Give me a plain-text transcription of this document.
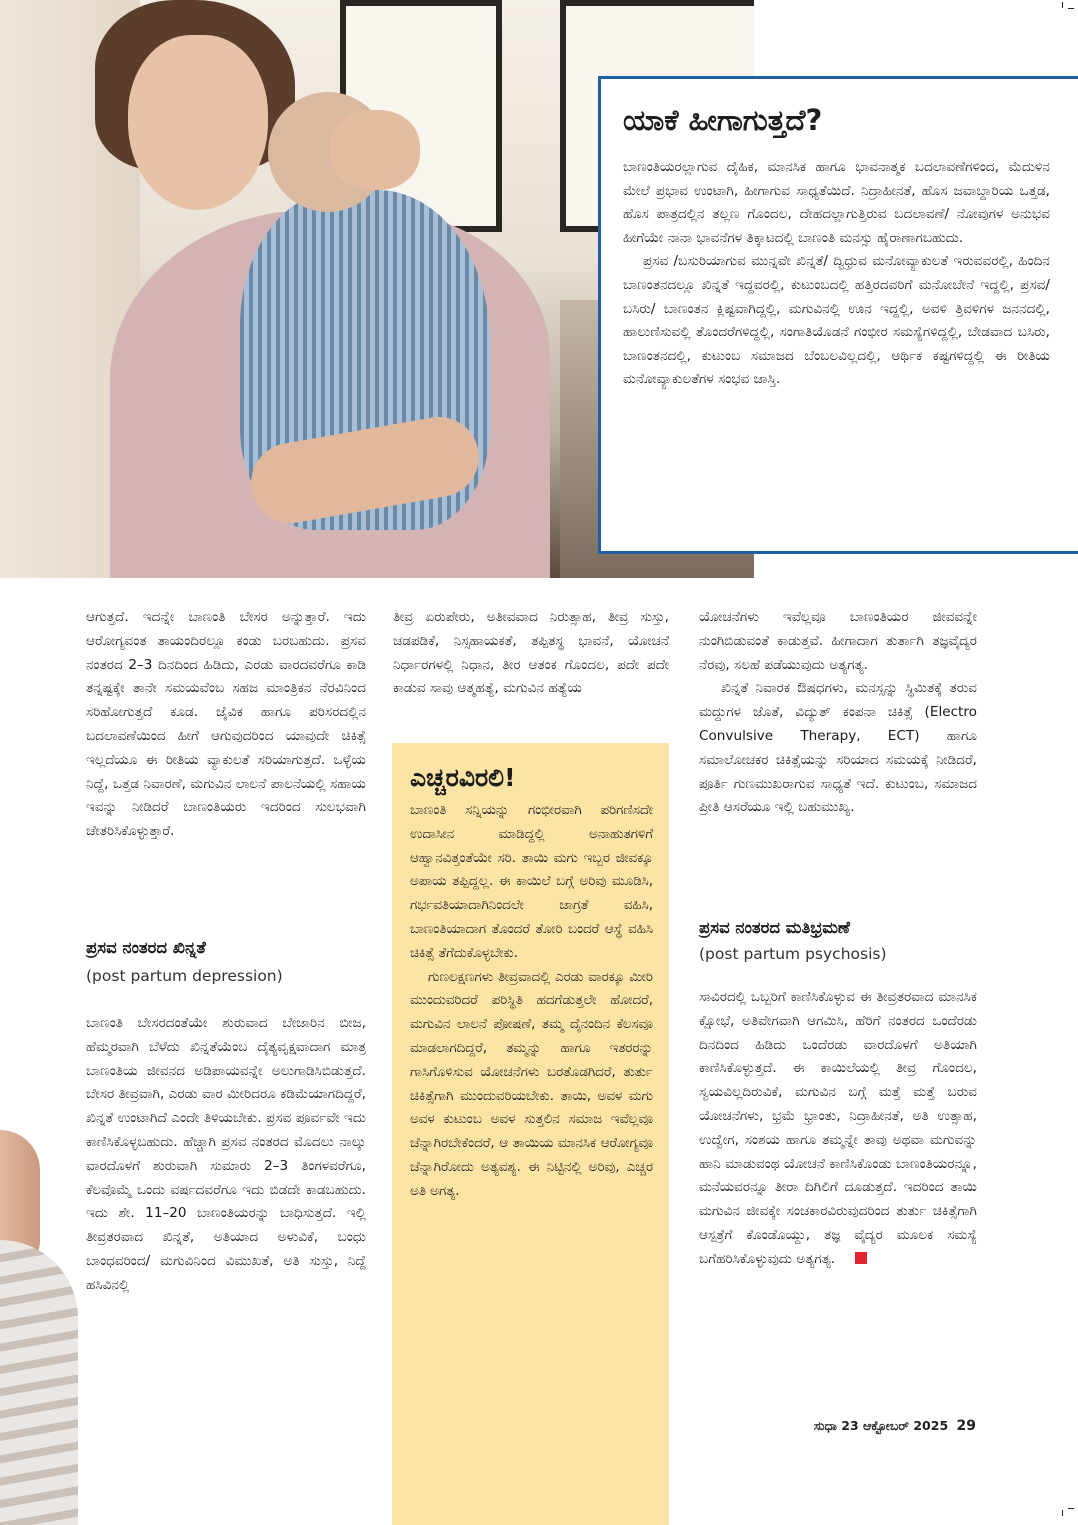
ಯಾಕೆ ಹೀಗಾಗುತ್ತದೆ?

ಬಾಣಂತಿಯರಲ್ಲಾಗುವ ದೈಹಿಕ, ಮಾನಸಿಕ ಹಾಗೂ ಭಾವನಾತ್ಮಕ ಬದಲಾವಣೆಗಳಿಂದ, ಮೆದುಳಿನ ಮೇಲೆ ಪ್ರಭಾವ ಉಂಟಾಗಿ, ಹೀಗಾಗುವ ಸಾಧ್ಯತೆಯಿದೆ. ನಿದ್ರಾಹೀನತೆ, ಹೊಸ ಜವಾಬ್ದಾರಿಯ ಒತ್ತಡ, ಹೊಸ ಪಾತ್ರದಲ್ಲಿನ ತಲ್ಲಣ ಗೊಂದಲ, ದೇಹದಲ್ಲಾಗುತ್ತಿರುವ ಬದಲಾವಣೆ/ ನೋವುಗಳ ಅನುಭವ ಹೀಗೆಯೇ ನಾನಾ ಭಾವನೆಗಳ ತಿಕ್ಕಾಟದಲ್ಲಿ ಬಾಣಂತಿ ಮನಸ್ಸು ಹೈರಾಣಾಗಬಹುದು.

ಪ್ರಸವ /ಬಸುರಿಯಾಗುವ ಮುನ್ನವೇ ಖಿನ್ನತೆ/ ದ್ವಿಧ್ರುವ ಮನೋವ್ಯಾಕುಲತೆ ಇರುವವರಲ್ಲಿ, ಹಿಂದಿನ ಬಾಣಂತನದಲ್ಲೂ ಖಿನ್ನತೆ ಇದ್ದವರಲ್ಲಿ, ಕುಟುಂಬದಲ್ಲಿ ಹತ್ತಿರದವರಿಗೆ ಮನೋಬೇನೆ ಇದ್ದಲ್ಲಿ, ಪ್ರಸವ/ ಬಸಿರು/ ಬಾಣಂತನ ಕ್ಲಿಷ್ಟವಾಗಿದ್ದಲ್ಲಿ, ಮಗುವಿನಲ್ಲಿ ಊನ ಇದ್ದಲ್ಲಿ, ಅವಳಿ ತ್ರಿವಳಿಗಳ ಜನನದಲ್ಲಿ, ಹಾಲುಣಿಸುವಲ್ಲಿ ತೊಂದರೆಗಳಿದ್ದಲ್ಲಿ, ಸಂಗಾತಿಯೊಡನೆ ಗಂಭೀರ ಸಮಸ್ಯೆಗಳಿದ್ದಲ್ಲಿ, ಬೇಡವಾದ ಬಸಿರು, ಬಾಣಂತನದಲ್ಲಿ, ಕುಟುಂಬ ಸಮಾಜದ ಬೆಂಬಲವಿಲ್ಲದಲ್ಲಿ, ಆರ್ಥಿಕ ಕಷ್ಟಗಳಿದ್ದಲ್ಲಿ ಈ ರೀತಿಯ ಮನೋವ್ಯಾಕುಲತೆಗಳ ಸಂಭವ ಜಾಸ್ತಿ.

ಆಗುತ್ತದೆ. ಇದನ್ನೇ ಬಾಣಂತಿ ಬೇಸರ ಅನ್ನುತ್ತಾರೆ. ಇದು ಆರೋಗ್ಯವಂತ ತಾಯಂದಿರಲ್ಲೂ ಕಂಡು ಬರಬಹುದು. ಪ್ರಸವ ನಂತರದ 2–3 ದಿನದಿಂದ ಹಿಡಿದು, ಎರಡು ವಾರದವರೆಗೂ ಕಾಡಿ ತನ್ನಷ್ಟಕ್ಕೇ ತಾನೇ ಸಮಯವೆಂಬ ಸಹಜ ಮಾಂತ್ರಿಕನ ನೆರವಿನಿಂದ ಸರಿಹೋಗುತ್ತದೆ ಕೂಡ. ಜೈವಿಕ ಹಾಗೂ ಪರಿಸರದಲ್ಲಿನ ಬದಲಾವಣೆಯಿಂದ ಹೀಗೆ ಆಗುವುದರಿಂದ ಯಾವುದೇ ಚಿಕಿತ್ಸೆ ಇಲ್ಲದೆಯೂ ಈ ರೀತಿಯ ವ್ಯಾಕುಲತೆ ಸರಿಯಾಗುತ್ತದೆ. ಒಳ್ಳೆಯ ನಿದ್ದೆ, ಒತ್ತಡ ನಿವಾರಣೆ, ಮಗುವಿನ ಲಾಲನೆ ಪಾಲನೆಯಲ್ಲಿ ಸಹಾಯ ಇವನ್ನು ನೀಡಿದರೆ ಬಾಣಂತಿಯರು ಇದರಿಂದ ಸುಲಭವಾಗಿ ಚೇತರಿಸಿಕೊಳ್ಳುತ್ತಾರೆ.

ಪ್ರಸವ ನಂತರದ ಖಿನ್ನತೆ
(post partum depression)

ಬಾಣಂತಿ ಬೇಸರದಂತೆಯೇ ಶುರುವಾದ ಬೇಜಾರಿನ ಬೀಜ, ಹೆಮ್ಮರವಾಗಿ ಬೆಳೆದು ಖಿನ್ನತೆಯೆಂಬ ದೈತ್ಯವೃಕ್ಷವಾದಾಗ ಮಾತ್ರ ಬಾಣಂತಿಯ ಜೀವನದ ಅಡಿಪಾಯವನ್ನೇ ಅಲುಗಾಡಿಸಿಬಿಡುತ್ತದೆ. ಬೇಸರ ತೀವ್ರವಾಗಿ, ಎರಡು ವಾರ ಮೀರಿದರೂ ಕಡಿಮೆಯಾಗದಿದ್ದರೆ, ಖಿನ್ನತೆ ಉಂಟಾಗಿದೆ ಎಂದೇ ತಿಳಿಯಬೇಕು. ಪ್ರಸವ ಪೂರ್ವವೇ ಇದು ಕಾಣಿಸಿಕೊಳ್ಳಬಹುದು. ಹೆಚ್ಚಾಗಿ ಪ್ರಸವ ನಂತರದ ಮೊದಲು ನಾಲ್ಕು ವಾರದೊಳಗೆ ಶುರುವಾಗಿ ಸುಮಾರು 2–3 ತಿಂಗಳವರೆಗೂ, ಕೆಲವೊಮ್ಮೆ ಒಂದು ವರ್ಷದವರೆಗೂ ಇದು ಬಿಡದೇ ಕಾಡಬಹುದು. ಇದು ಶೇ. 11–20 ಬಾಣಂತಿಯರನ್ನು ಬಾಧಿಸುತ್ತದೆ. ಇಲ್ಲಿ ತೀವ್ರತರವಾದ ಖಿನ್ನತೆ, ಅತಿಯಾದ ಅಳುವಿಕೆ, ಬಂಧು ಬಾಂಧವರಿಂದ/ ಮಗುವಿನಿಂದ ವಿಮುಖತೆ, ಅತಿ ಸುಸ್ತು, ನಿದ್ದೆ ಹಸಿವಿನಲ್ಲಿ

ತೀವ್ರ ಏರುಪೇರು, ಅತೀವವಾದ ನಿರುತ್ಸಾಹ, ತೀವ್ರ ಸುಸ್ತು, ಚಡಪಡಿಕೆ, ನಿಸ್ಸಹಾಯಕತೆ, ತಪ್ಪಿತಸ್ಥ ಭಾವನೆ, ಯೋಚನೆ ನಿರ್ಧಾರಗಳಲ್ಲಿ ನಿಧಾನ, ತೀರ ಆತಂಕ ಗೊಂದಲ, ಪದೇ ಪದೇ ಕಾಡುವ ಸಾವು ಆತ್ಮಹತ್ಯೆ, ಮಗುವಿನ ಹತ್ಯೆಯ

ಎಚ್ಚರವಿರಲಿ!

ಬಾಣಂತಿ ಸನ್ನಿಯನ್ನು ಗಂಭೀರವಾಗಿ ಪರಿಗಣಿಸದೇ ಉದಾಸೀನ ಮಾಡಿದ್ದಲ್ಲಿ ಅನಾಹುತಗಳಿಗೆ ಆಹ್ವಾನವಿತ್ತಂತೆಯೇ ಸರಿ. ತಾಯಿ ಮಗು ಇಬ್ಬರ ಜೀವಕ್ಕೂ ಅಪಾಯ ತಪ್ಪಿದ್ದಲ್ಲ. ಈ ಕಾಯಿಲೆ ಬಗ್ಗೆ ಅರಿವು ಮೂಡಿಸಿ, ಗರ್ಭವತಿಯಾದಾಗಿನಿಂದಲೇ ಜಾಗ್ರತೆ ವಹಿಸಿ, ಬಾಣಂತಿಯಾದಾಗ ತೊಂದರೆ ತೋರಿ ಬಂದರೆ ಆಸ್ಥೆ ವಹಿಸಿ ಚಿಕಿತ್ಸೆ ತೆಗೆದುಕೊಳ್ಳಬೇಕು.

ಗುಣಲಕ್ಷಣಗಳು ತೀವ್ರವಾದಲ್ಲಿ ಎರಡು ವಾರಕ್ಕೂ ಮೀರಿ ಮುಂದುವರಿದರೆ ಪರಿಸ್ಥಿತಿ ಹದಗೆಡುತ್ತಲೇ ಹೋದರೆ, ಮಗುವಿನ ಲಾಲನೆ ಪೋಷಣೆ, ತಮ್ಮ ದೈನಂದಿನ ಕೆಲಸವೂ ಮಾಡಲಾಗದಿದ್ದರೆ, ತಮ್ಮನ್ನು ಹಾಗೂ ಇತರರನ್ನು ಗಾಸಿಗೊಳಿಸುವ ಯೋಚನೆಗಳು ಬರತೊಡಗಿದರೆ, ತುರ್ತು ಚಿಕಿತ್ಸೆಗಾಗಿ ಮುಂದುವರಿಯಬೇಕು. ತಾಯಿ, ಅವಳ ಮಗು ಅವಳ ಕುಟುಂಬ ಅವಳ ಸುತ್ತಲಿನ ಸಮಾಜ ಇವೆಲ್ಲವೂ ಚೆನ್ನಾಗಿರಬೇಕೆಂದರೆ, ಆ ತಾಯಿಯ ಮಾನಸಿಕ ಆರೋಗ್ಯವೂ ಚೆನ್ನಾಗಿರೋದು ಅತ್ಯವಶ್ಯ. ಈ ನಿಟ್ಟಿನಲ್ಲಿ ಅರಿವು, ಎಚ್ಚರ ಅತಿ ಅಗತ್ಯ.

ಯೋಚನೆಗಳು ಇವೆಲ್ಲವೂ ಬಾಣಂತಿಯರ ಜೀವವನ್ನೇ ನುಂಗಿಬಿಡುವಂತೆ ಕಾಡುತ್ತವೆ. ಹೀಗಾದಾಗ ತುರ್ತಾಗಿ ತಜ್ಞವೈದ್ಯರ ನೆರವು, ಸಲಹೆ ಪಡೆಯುವುದು ಅತ್ಯಗತ್ಯ.

ಖಿನ್ನತೆ ನಿವಾರಕ ಔಷಧಗಳು, ಮನಸ್ಸನ್ನು ಸ್ಥಿಮಿತಕ್ಕೆ ತರುವ ಮದ್ದುಗಳ ಜೊತೆ, ವಿದ್ಯುತ್ ಕಂಪನಾ ಚಿಕಿತ್ಸೆ (Electro Convulsive Therapy, ECT) ಹಾಗೂ ಸಮಾಲೋಚಕರ ಚಿಕಿತ್ಸೆಯನ್ನು ಸರಿಯಾದ ಸಮಯಕ್ಕೆ ನೀಡಿದರೆ, ಪೂರ್ತಿ ಗುಣಮುಖರಾಗುವ ಸಾಧ್ಯತೆ ಇದೆ. ಕುಟುಂಬ, ಸಮಾಜದ ಪ್ರೀತಿ ಆಸರೆಯೂ ಇಲ್ಲಿ ಬಹುಮುಖ್ಯ.

ಪ್ರಸವ ನಂತರದ ಮತಿಭ್ರಮಣೆ
(post partum psychosis)

ಸಾವಿರದಲ್ಲಿ ಒಬ್ಬರಿಗೆ ಕಾಣಿಸಿಕೊಳ್ಳುವ ಈ ತೀವ್ರತರವಾದ ಮಾನಸಿಕ ಕ್ಷೋಭೆ, ಅತಿವೇಗವಾಗಿ ಆಗಮಿಸಿ, ಹೆರಿಗೆ ನಂತರದ ಒಂದೆರಡು ದಿನದಿಂದ ಹಿಡಿದು ಒಂದೆರಡು ವಾರದೊಳಗೆ ಅತಿಯಾಗಿ ಕಾಣಿಸಿಕೊಳ್ಳುತ್ತದೆ. ಈ ಕಾಯಿಲೆಯಲ್ಲಿ ತೀವ್ರ ಗೊಂದಲ, ಸ್ವಯವಿಲ್ಲದಿರುವಿಕೆ, ಮಗುವಿನ ಬಗ್ಗೆ ಮತ್ತೆ ಮತ್ತೆ ಬರುವ ಯೋಚನೆಗಳು, ಭ್ರಮೆ ಭ್ರಾಂತು, ನಿದ್ರಾಹೀನತೆ, ಅತಿ ಉತ್ಸಾಹ, ಉದ್ವೇಗ, ಸಂಶಯ ಹಾಗೂ ತಮ್ಮನ್ನೇ ತಾವು ಅಥವಾ ಮಗುವನ್ನು ಹಾನಿ ಮಾಡುವಂಥ ಯೋಚನೆ ಕಾಣಿಸಿಕೊಂಡು ಬಾಣಂತಿಯರನ್ನೂ, ಮನೆಯವರನ್ನೂ ತೀರಾ ದಿಗಿಲಿಗೆ ದೂಡುತ್ತದೆ. ಇದರಿಂದ ತಾಯಿ ಮಗುವಿನ ಜೀವಕ್ಕೇ ಸಂಚಕಾರವಿರುವುದರಿಂದ ತುರ್ತು ಚಿಕಿತ್ಸೆಗಾಗಿ ಆಸ್ಪತ್ರೆಗೆ ಕೊಂಡೊಯ್ದು, ತಜ್ಞ ವೈದ್ಯರ ಮೂಲಕ ಸಮಸ್ಯೆ ಬಗೆಹರಿಸಿಕೊಳ್ಳುವುದು ಅತ್ಯಗತ್ಯ.

ಸುಧಾ 23 ಆಕ್ಟೋಬರ್ 2025 29
